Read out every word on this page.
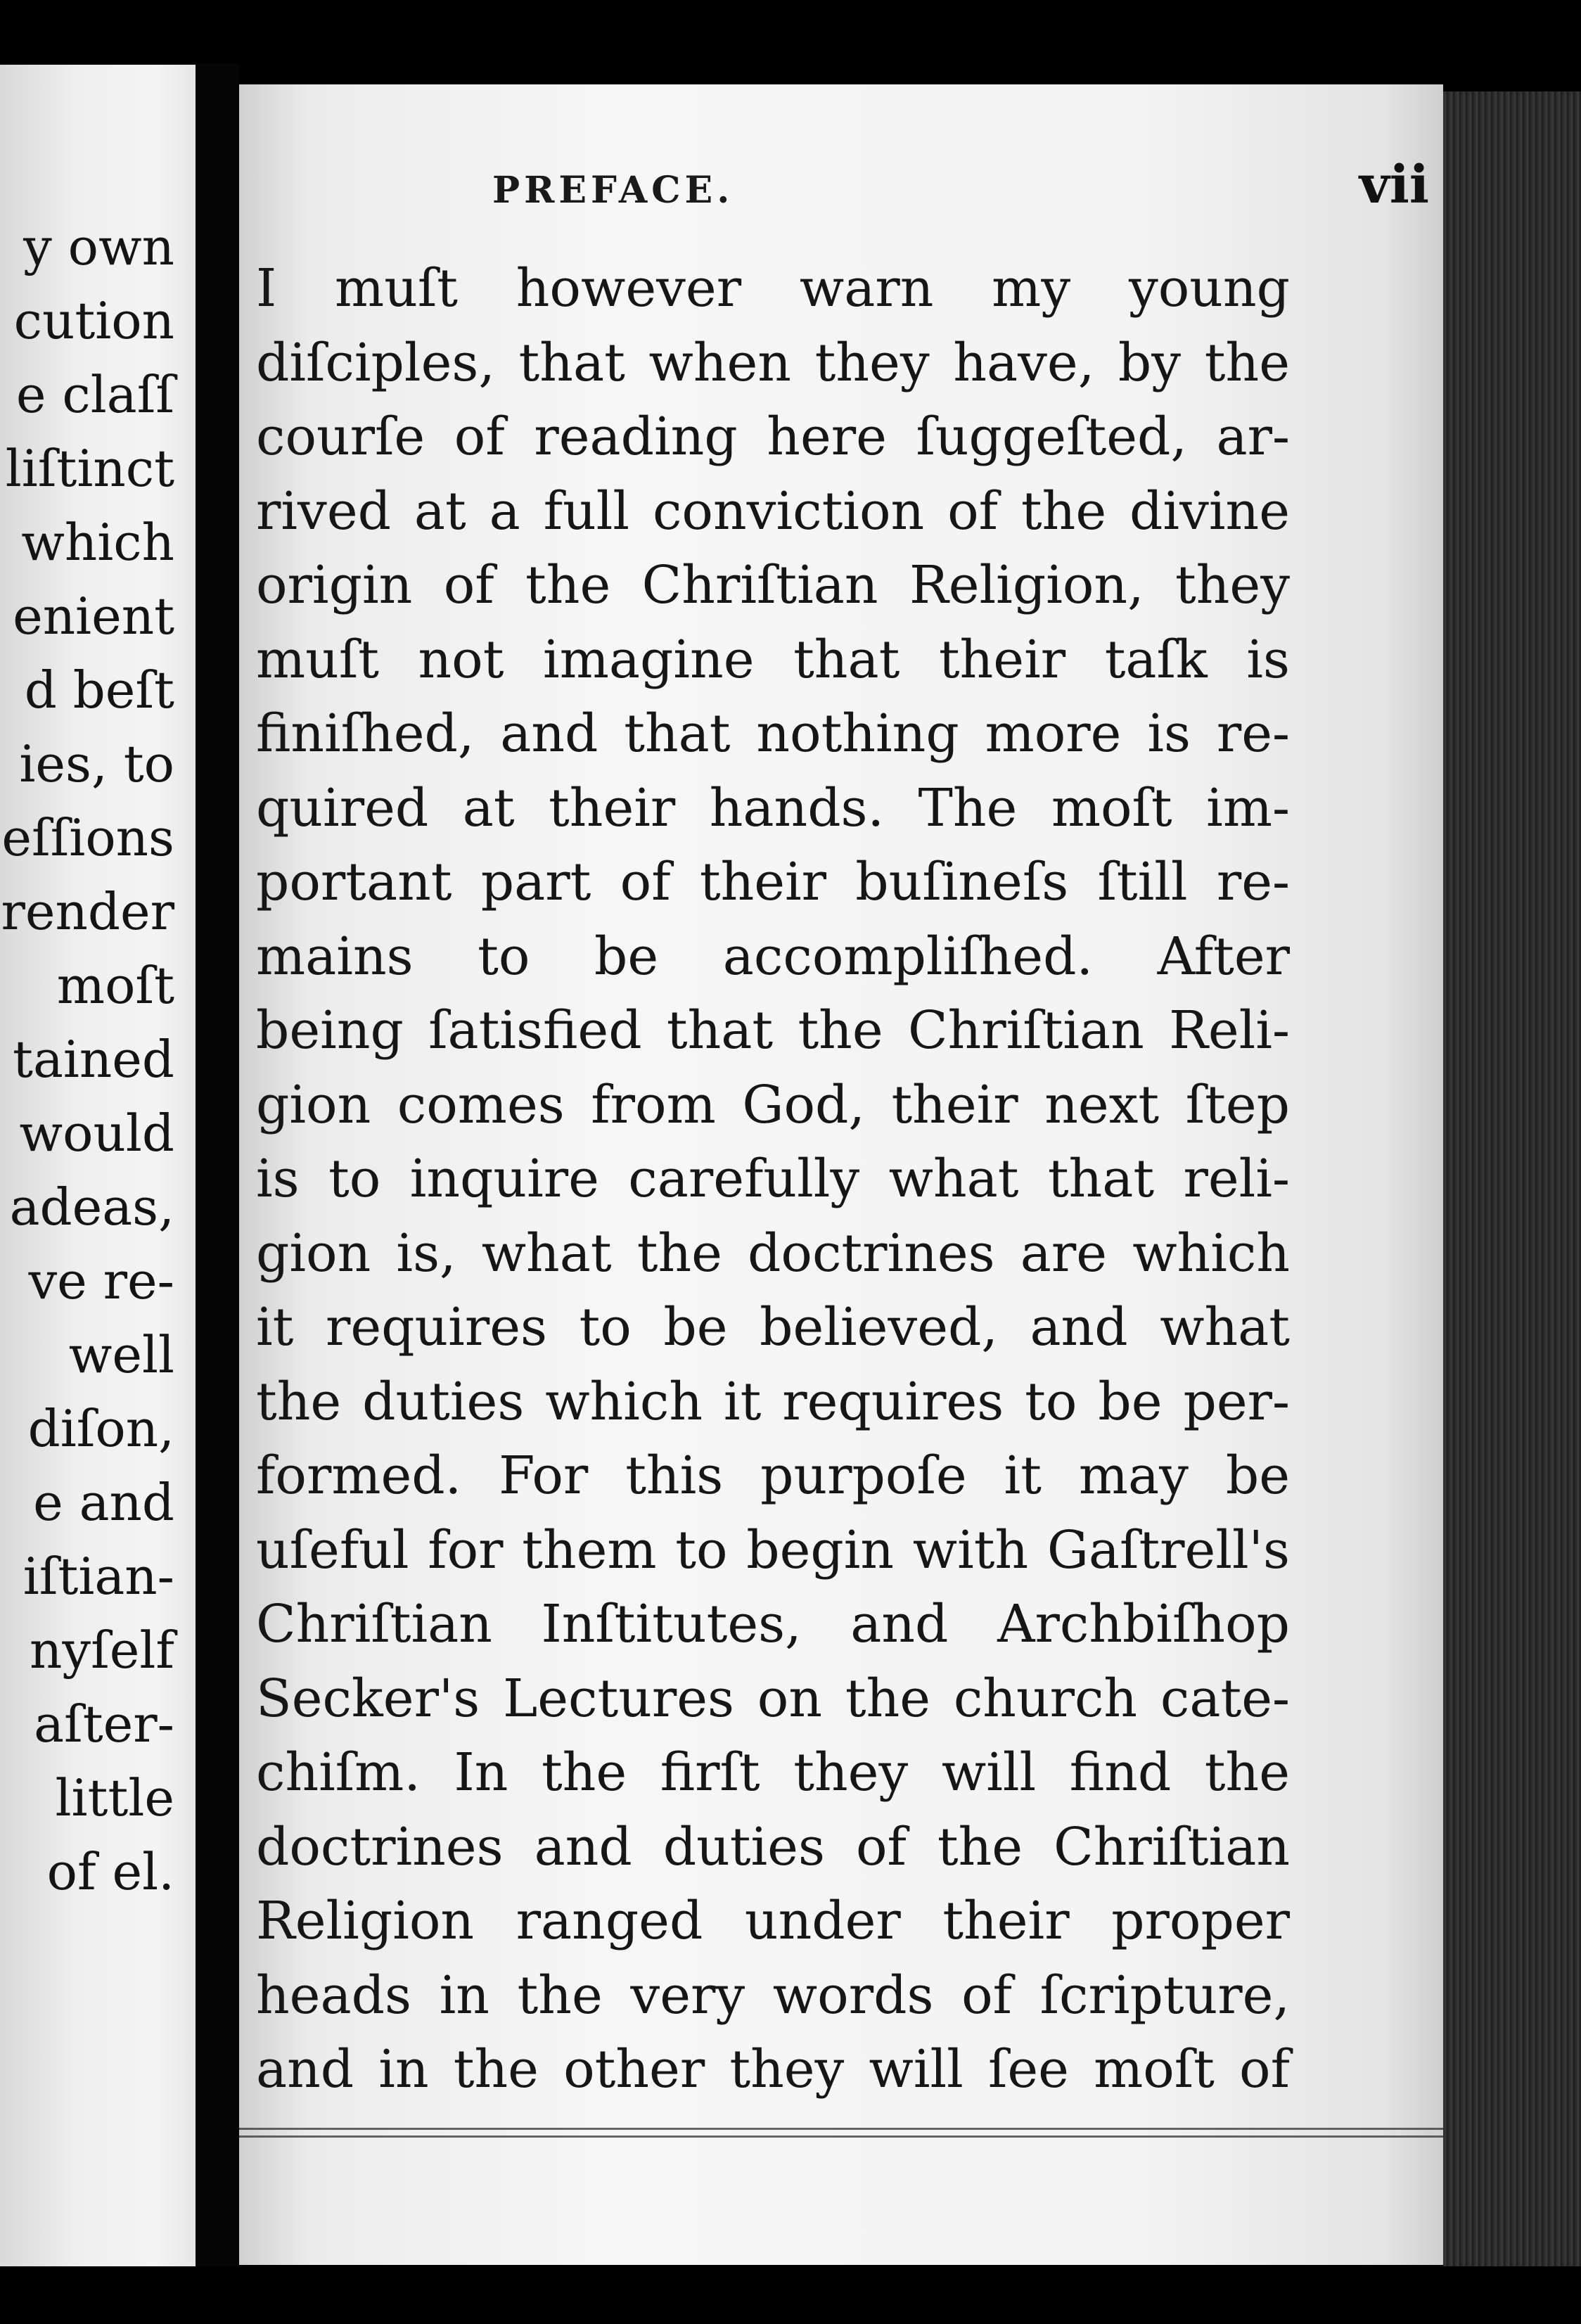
y own
cution
e claſſ
liſtinct
which
enient
d beſt
ies, to
eſſions
render
moſt
tained
would
adeas,
ve re-
well
diſon,
e and
iſtian-
nyſelf
aſter-
little
of el.
PREFACE.	vii
I muſt however warn my young
diſciples, that when they have, by the
courſe of reading here ſuggeſted, ar-
rived at a full conviction of the divine
origin of the Chriſtian Religion, they
muſt not imagine that their taſk is
finiſhed, and that nothing more is re-
quired at their hands. The moſt im-
portant part of their buſineſs ſtill re-
mains to be accompliſhed. After
being ſatisfied that the Chriſtian Reli-
gion comes from God, their next ſtep
is to inquire carefully what that reli-
gion is, what the doctrines are which
it requires to be believed, and what
the duties which it requires to be per-
formed. For this purpoſe it may be
uſeful for them to begin with Gaſtrell's
Chriſtian Inſtitutes, and Archbiſhop
Secker's Lectures on the church cate-
chiſm. In the firſt they will find the
doctrines and duties of the Chriſtian
Religion ranged under their proper
heads in the very words of ſcripture,
and in the other they will ſee moſt of
